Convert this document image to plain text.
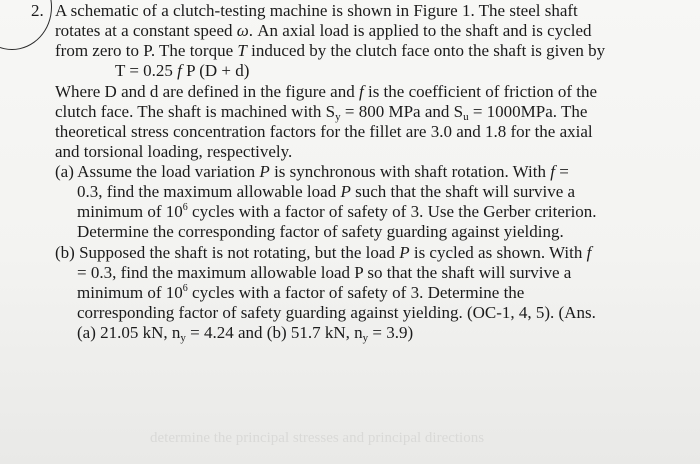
2. A schematic of a clutch-testing machine is shown in Figure 1. The steel shaft
rotates at a constant speed ω. An axial load is applied to the shaft and is cycled
from zero to P. The torque T induced by the clutch face onto the shaft is given by
T = 0.25 f P (D + d)
Where D and d are defined in the figure and f is the coefficient of friction of the
clutch face. The shaft is machined with $S_y = 800$ MPa and $S_u = 1000MPa$. The
theoretical stress concentration factors for the fillet are 3.0 and 1.8 for the axial
and torsional loading, respectively.
(a) Assume the load variation P is synchronous with shaft rotation. With f =
0.3, find the maximum allowable load P such that the shaft will survive a
minimum of $10^6$ cycles with a factor of safety of 3. Use the Gerber criterion.
Determine the corresponding factor of safety guarding against yielding.
(b) Supposed the shaft is not rotating, but the load P is cycled as shown. With f
= 0.3, find the maximum allowable load P so that the shaft will survive a
minimum of $10^6$ cycles with a factor of safety of 3. Determine the
corresponding factor of safety guarding against yielding. (OC-1, 4, 5). (Ans.
(a) 21.05 kN, $n_y = 4.24$ and (b) 51.7 kN, $n_y = 3.9$)
determine the principal stresses and principal directions
